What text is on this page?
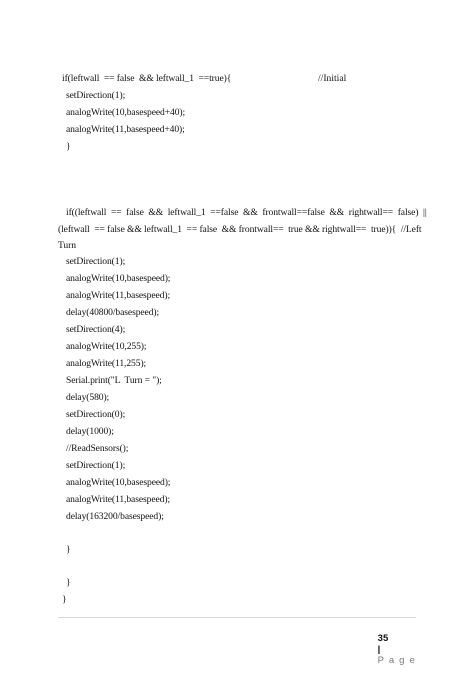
if(leftwall  == false  && leftwall_1  ==true){	//Initial
setDirection(1);
analogWrite(10,basespeed+40);
analogWrite(11,basespeed+40);
}
if((leftwall  ==  false  &&  leftwall_1  ==false  &&  frontwall==false  &&  rightwall==  false)  ||
(leftwall  == false && leftwall_1  == false  && frontwall==  true && rightwall==  true)){  //Left
Turn
setDirection(1);
analogWrite(10,basespeed);
analogWrite(11,basespeed);
delay(40800/basespeed);
setDirection(4);
analogWrite(10,255);
analogWrite(11,255);
Serial.print("L  Turn = ");
delay(580);
setDirection(0);
delay(1000);
//ReadSensors();
setDirection(1);
analogWrite(10,basespeed);
analogWrite(11,basespeed);
delay(163200/basespeed);
}
}
}

35
|
P a g e
